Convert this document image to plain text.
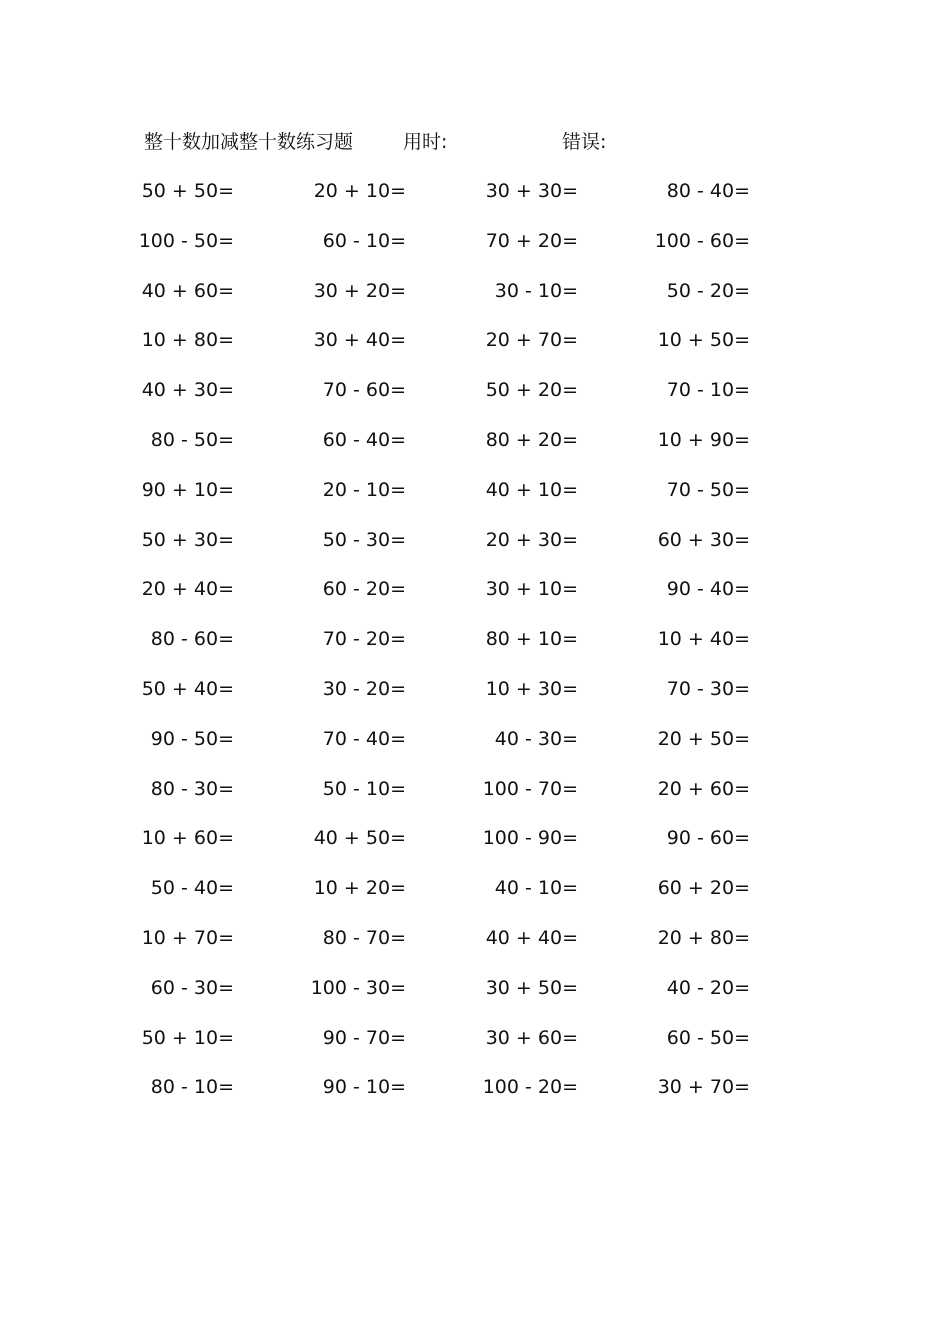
整十数加减整十数练习题	用时:	错误:
50 + 50=	20 + 10=	30 + 30=	80 - 40=
100 - 50=	60 - 10=	70 + 20=	100 - 60=
40 + 60=	30 + 20=	30 - 10=	50 - 20=
10 + 80=	30 + 40=	20 + 70=	10 + 50=
40 + 30=	70 - 60=	50 + 20=	70 - 10=
80 - 50=	60 - 40=	80 + 20=	10 + 90=
90 + 10=	20 - 10=	40 + 10=	70 - 50=
50 + 30=	50 - 30=	20 + 30=	60 + 30=
20 + 40=	60 - 20=	30 + 10=	90 - 40=
80 - 60=	70 - 20=	80 + 10=	10 + 40=
50 + 40=	30 - 20=	10 + 30=	70 - 30=
90 - 50=	70 - 40=	40 - 30=	20 + 50=
80 - 30=	50 - 10=	100 - 70=	20 + 60=
10 + 60=	40 + 50=	100 - 90=	90 - 60=
50 - 40=	10 + 20=	40 - 10=	60 + 20=
10 + 70=	80 - 70=	40 + 40=	20 + 80=
60 - 30=	100 - 30=	30 + 50=	40 - 20=
50 + 10=	90 - 70=	30 + 60=	60 - 50=
80 - 10=	90 - 10=	100 - 20=	30 + 70=
